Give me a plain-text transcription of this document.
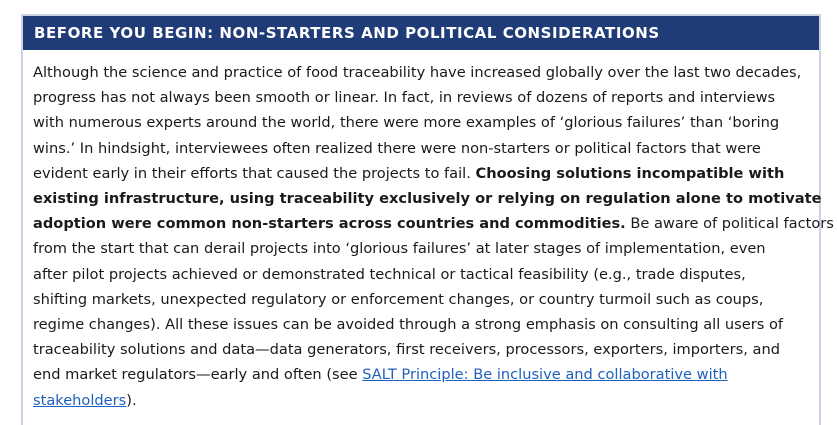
BEFORE YOU BEGIN: NON-STARTERS AND POLITICAL CONSIDERATIONS

Although the science and practice of food traceability have increased globally over the last two decades,
progress has not always been smooth or linear. In fact, in reviews of dozens of reports and interviews
with numerous experts around the world, there were more examples of ‘glorious failures’ than ‘boring
wins.’ In hindsight, interviewees often realized there were non-starters or political factors that were
evident early in their efforts that caused the projects to fail. Choosing solutions incompatible with
existing infrastructure, using traceability exclusively or relying on regulation alone to motivate
adoption were common non-starters across countries and commodities. Be aware of political factors
from the start that can derail projects into ‘glorious failures’ at later stages of implementation, even
after pilot projects achieved or demonstrated technical or tactical feasibility (e.g., trade disputes,
shifting markets, unexpected regulatory or enforcement changes, or country turmoil such as coups,
regime changes). All these issues can be avoided through a strong emphasis on consulting all users of
traceability solutions and data—data generators, first receivers, processors, exporters, importers, and
end market regulators—early and often (see SALT Principle: Be inclusive and collaborative with
stakeholders).
